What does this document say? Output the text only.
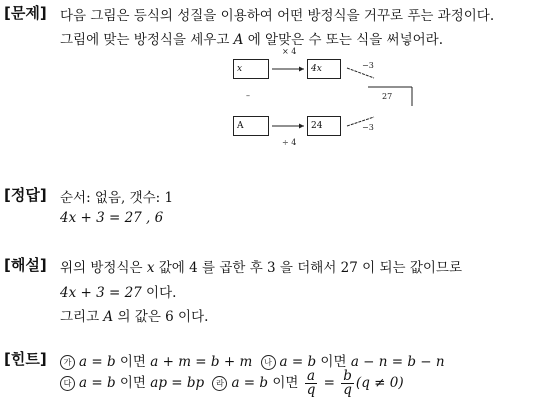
[문제] 다음 그림은 등식의 성질을 이용하여 어떤 방정식을 거꾸로 푸는 과정이다.
그림에 맞는 방정식을 세우고 A 에 알맞은 수 또는 식을 써넣어라.
x	4x
A	24
× 4
÷ 4
−3
−3
27
–
[정답] 순서: 없음, 갯수: 1
4x + 3 = 27 , 6
[해설] 위의 방정식은 x 값에 4 를 곱한 후 3 을 더해서 27 이 되는 값이므로
4x + 3 = 27 이다.
그리고 A 의 값은 6 이다.
[힌트]	가 a = b 이면 a + m = b + m 나 a = b 이면 a − n = b − n
다 a = b 이면 ap = bp 라 a = b 이면 $\frac{a}{q} = \frac{b}{q} (q \ne 0)$
